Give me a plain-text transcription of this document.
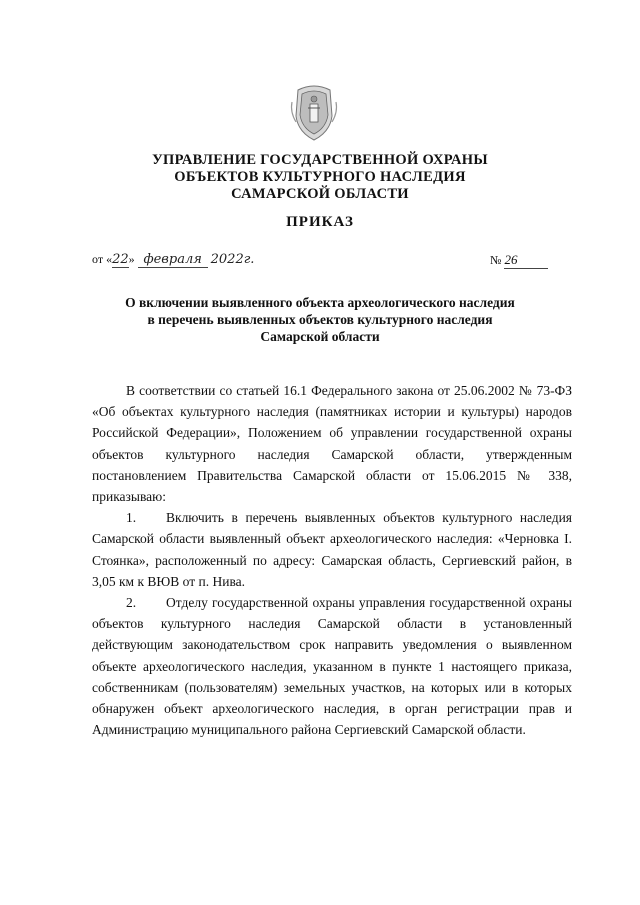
УПРАВЛЕНИЕ ГОСУДАРСТВЕННОЙ ОХРАНЫ
ОБЪЕКТОВ КУЛЬТУРНОГО НАСЛЕДИЯ
САМАРСКОЙ ОБЛАСТИ
ПРИКАЗ
от «22» февраля 2022г.	№ 26
О включении выявленного объекта археологического наследия
в перечень выявленных объектов культурного наследия
Самарской области

В соответствии со статьей 16.1 Федерального закона от 25.06.2002 № 73-ФЗ «Об объектах культурного наследия (памятниках истории и культуры) народов Российской Федерации», Положением об управлении государственной охраны объектов культурного наследия Самарской области, утвержденным постановлением Правительства Самарской области от 15.06.2015 № 338, приказываю:

1. Включить в перечень выявленных объектов культурного наследия Самарской области выявленный объект археологического наследия: «Черновка I. Стоянка», расположенный по адресу: Самарская область, Сергиевский район, в 3,05 км к ВЮВ от п. Нива.

2. Отделу государственной охраны управления государственной охраны объектов культурного наследия Самарской области в установленный действующим законодательством срок направить уведомления о выявленном объекте археологического наследия, указанном в пункте 1 настоящего приказа, собственникам (пользователям) земельных участков, на которых или в которых обнаружен объект археологического наследия, в орган регистрации прав и Администрацию муниципального района Сергиевский Самарской области.
